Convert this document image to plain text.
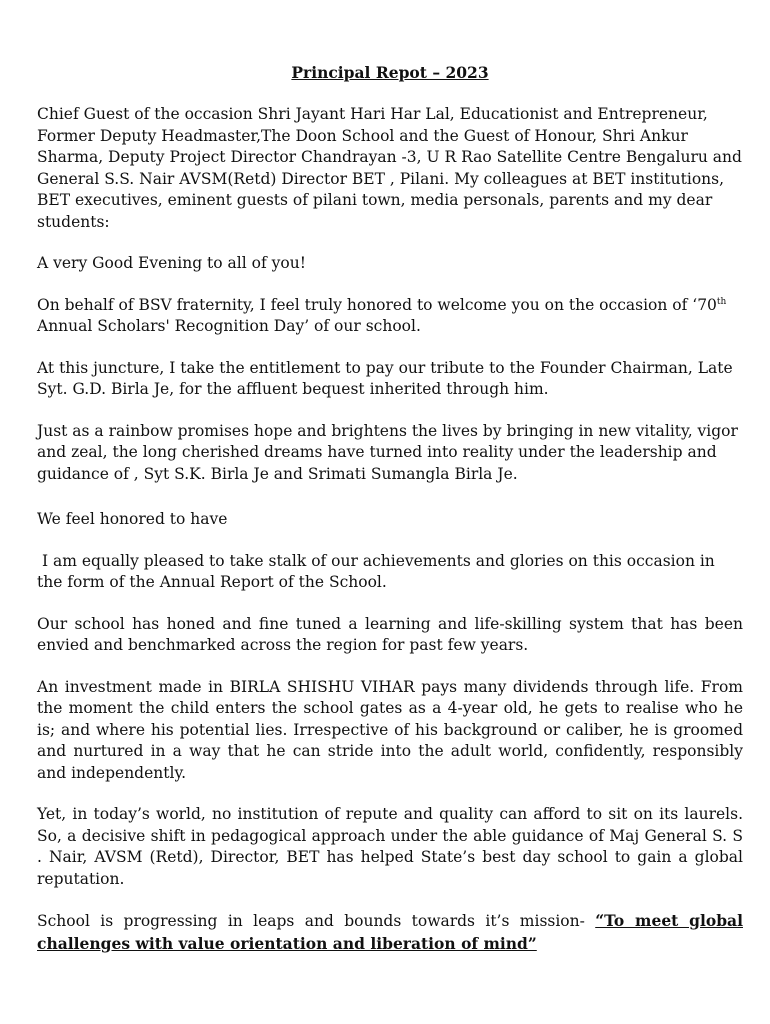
Principal Repot – 2023

Chief Guest of the occasion Shri Jayant Hari Har Lal, Educationist and Entrepreneur, Former Deputy Headmaster,The Doon School and the Guest of Honour, Shri Ankur Sharma, Deputy Project Director Chandrayan -3, U R Rao Satellite Centre Bengaluru and General S.S. Nair AVSM(Retd) Director BET , Pilani. My colleagues at BET institutions, BET executives, eminent guests of pilani town, media personals, parents and my dear students:

A very Good Evening to all of you!

On behalf of BSV fraternity, I feel truly honored to welcome you on the occasion of ‘70th Annual Scholars' Recognition Day’ of our school.

At this juncture, I take the entitlement to pay our tribute to the Founder Chairman, Late Syt. G.D. Birla Je, for the affluent bequest inherited through him.

Just as a rainbow promises hope and brightens the lives by bringing in new vitality, vigor and zeal, the long cherished dreams have turned into reality under the leadership and guidance of , Syt S.K. Birla Je and Srimati Sumangla Birla Je.

We feel honored to have

I am equally pleased to take stalk of our achievements and glories on this occasion in the form of the Annual Report of the School.

Our school has honed and fine tuned a learning and life-skilling system that has been envied and benchmarked across the region for past few years.

An investment made in BIRLA SHISHU VIHAR pays many dividends through life. From the moment the child enters the school gates as a 4-year old, he gets to realise who he is; and where his potential lies. Irrespective of his background or caliber, he is groomed and nurtured in a way that he can stride into the adult world, confidently, responsibly and independently.

Yet, in today’s world, no institution of repute and quality can afford to sit on its laurels. So, a decisive shift in pedagogical approach under the able guidance of Maj General S. S . Nair, AVSM (Retd), Director, BET has helped State’s best day school to gain a global reputation.

School is progressing in leaps and bounds towards it’s mission- “To meet global challenges with value orientation and liberation of mind”
